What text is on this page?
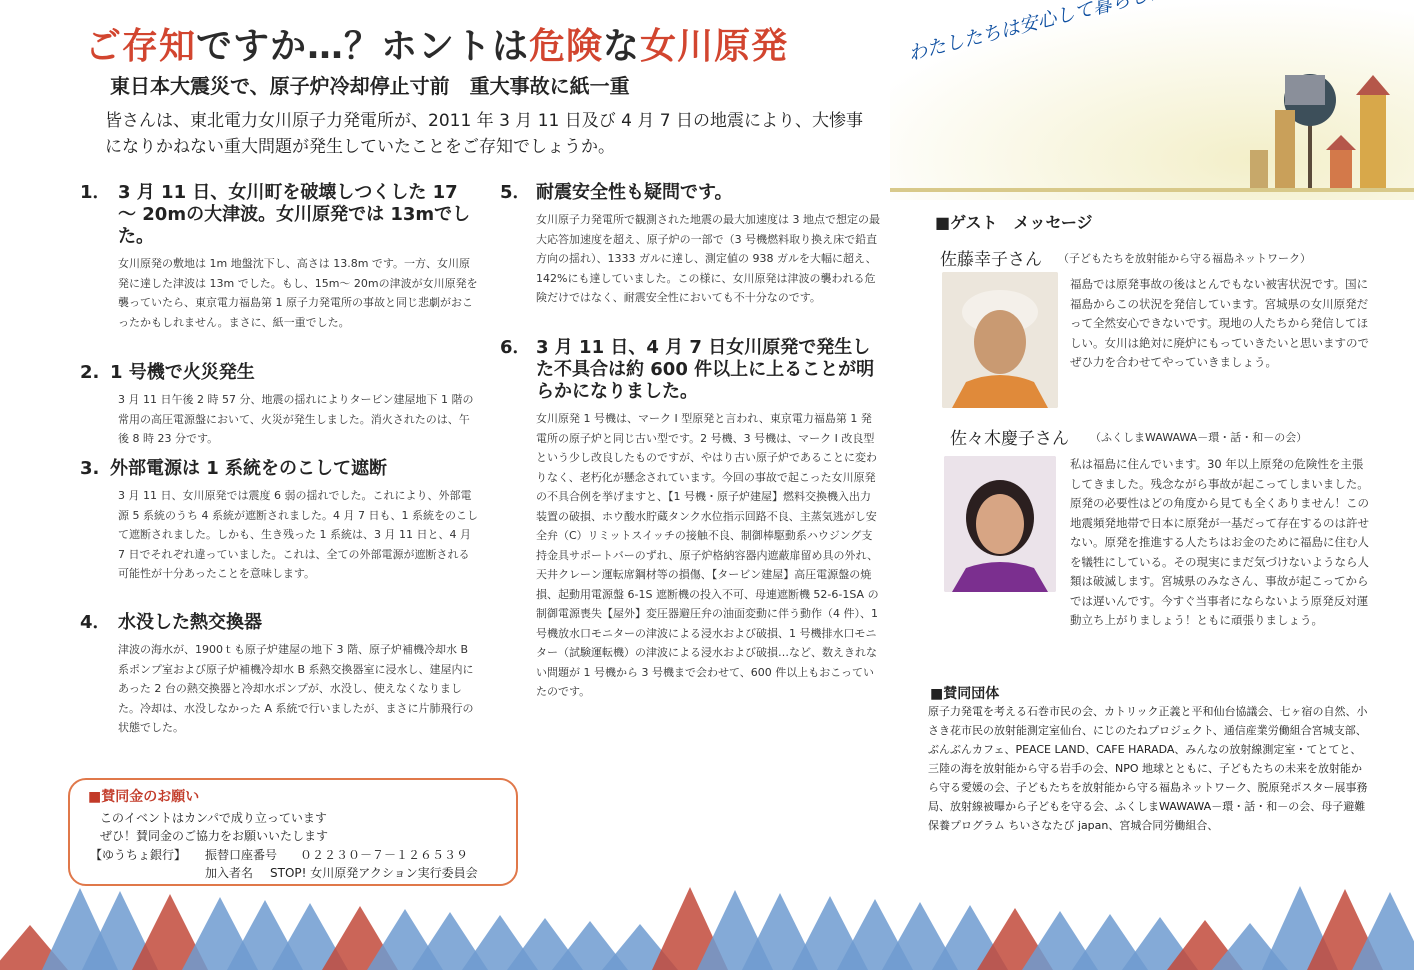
ご存知ですか…？ホントは危険な女川原発
東日本大震災で、原子炉冷却停止寸前　重大事故に紙一重
皆さんは、東北電力女川原子力発電所が、2011 年 3 月 11 日及び 4 月 7 日の地震により、大惨事になりかねない重大問題が発生していたことをご存知でしょうか。
1． 3 月 11 日、女川町を破壊しつくした 17 ～ 20mの大津波。女川原発では 13mでした。

女川原発の敷地は 1m 地盤沈下し、高さは 13.8m です。一方、女川原発に達した津波は 13m でした。もし、15m～ 20mの津波が女川原発を襲っていたら、東京電力福島第 1 原子力発電所の事故と同じ悲劇がおこったかもしれません。まさに、紙一重でした。

2. 1 号機で火災発生

3 月 11 日午後 2 時 57 分、地震の揺れによりタービン建屋地下 1 階の常用の高圧電源盤において、火災が発生しました。消火されたのは、午後 8 時 23 分です。

3. 外部電源は 1 系統をのこして遮断

3 月 11 日、女川原発では震度 6 弱の揺れでした。これにより、外部電源 5 系統のうち 4 系統が遮断されました。4 月 7 日も、1 系統をのこして遮断されました。しかも、生き残った 1 系統は、3 月 11 日と、4 月 7 日でそれぞれ違っていました。これは、全ての外部電源が遮断される可能性が十分あったことを意味します。

4． 水没した熱交換器

津波の海水が、1900ｔも原子炉建屋の地下 3 階、原子炉補機冷却水 B 系ポンプ室および原子炉補機冷却水 B 系熱交換器室に浸水し、建屋内にあった 2 台の熱交換器と冷却水ポンプが、水没し、使えなくなりました。冷却は、水没しなかった A 系統で行いましたが、まさに片肺飛行の状態でした。

5． 耐震安全性も疑問です。

女川原子力発電所で観測された地震の最大加速度は 3 地点で想定の最大応答加速度を超え、原子炉の一部で（3 号機燃料取り換え床で鉛直方向の揺れ）、1333 ガルに達し、測定値の 938 ガルを大幅に超え、142%にも達していました。この様に、女川原発は津波の襲われる危険だけではなく、耐震安全性においても不十分なのです。

6． 3 月 11 日、4 月 7 日女川原発で発生した不具合は約 600 件以上に上ることが明らかになりました。

女川原発 1 号機は、マーク I 型原発と言われ、東京電力福島第 1 発電所の原子炉と同じ古い型です。2 号機、3 号機は、マーク I 改良型という少し改良したものですが、やはり古い原子炉であることに変わりなく、老朽化が懸念されています。今回の事故で起こった女川原発の不具合例を挙げますと、【1 号機・原子炉建屋】燃料交換機入出力装置の破損、ホウ酸水貯蔵タンク水位指示回路不良、主蒸気逃がし安全弁（C）リミットスイッチの接触不良、制御棒駆動系ハウジング支持金具サポートバーのずれ、原子炉格納容器内遮蔽扉留め具の外れ、天井クレーン運転席鋼材等の損傷、【タービン建屋】高圧電源盤の焼損、起動用電源盤 6-1S 遮断機の投入不可、母連遮断機 52-6-1SA の制御電源喪失【屋外】変圧器避圧弁の油面変動に伴う動作（4 件）、1 号機放水口モニターの津波による浸水および破損、1 号機排水口モニター（試験運転機）の津波による浸水および破損…など、数えきれない問題が 1 号機から 3 号機まで会わせて、600 件以上もおこっていたのです。

■賛同金のお願い
このイベントはカンパで成り立っています
ぜひ！賛同金のご協力をお願いいたします
【ゆうちょ銀行】 振替口座番号 ０２２３０－７－１２６５３９
加入者名 STOP! 女川原発アクション実行委員会
■ゲスト　メッセージ
佐藤幸子さん （子どもたちを放射能から守る福島ネットワーク）
福島では原発事故の後はとんでもない被害状況です。国に福島からこの状況を発信しています。宮城県の女川原発だって全然安心できないです。現地の人たちから発信してほしい。女川は絶対に廃炉にもっていきたいと思いますのでぜひ力を合わせてやっていきましょう。
佐々木慶子さん （ふくしまWAWAWA－環・話・和－の会）
私は福島に住んでいます。30 年以上原発の危険性を主張してきました。残念ながら事故が起こってしまいました。原発の必要性はどの角度から見ても全くありません！この地震頻発地帯で日本に原発が一基だって存在するのは許せない。原発を推進する人たちはお金のために福島に住む人を犠牲にしている。その現実にまだ気づけないようなら人類は破滅します。宮城県のみなさん、事故が起こってからでは遅いんです。今すぐ当事者にならないよう原発反対運動立ち上がりましょう！ともに頑張りましょう。
■賛同団体
原子力発電を考える石巻市民の会、カトリック正義と平和仙台協議会、七ヶ宿の自然、小さき花市民の放射能測定室仙台、にじのたねプロジェクト、通信産業労働組合宮城支部、ぶんぶんカフェ、PEACE LAND、CAFE HARADA、みんなの放射線測定室・てとてと、三陸の海を放射能から守る岩手の会、NPO 地球とともに、子どもたちの未来を放射能から守る愛媛の会、子どもたちを放射能から守る福島ネットワーク、脱原発ポスター展事務局、放射線被曝から子どもを守る会、ふくしまWAWAWA－環・話・和－の会、母子避難保養プログラム ちいさなたび japan、宮城合同労働組合、
